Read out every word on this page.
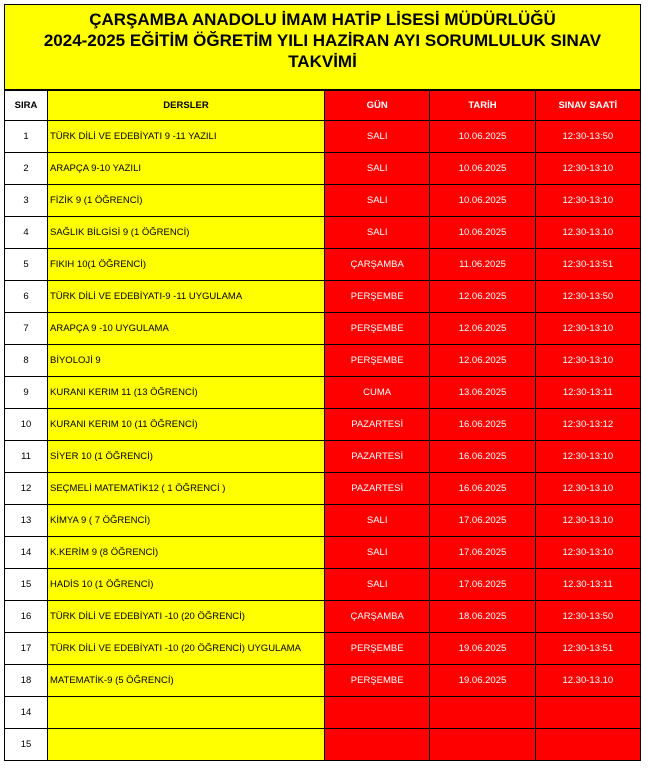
ÇARŞAMBA ANADOLU İMAM HATİP LİSESİ MÜDÜRLÜĞÜ
2024-2025 EĞİTİM ÖĞRETİM YILI HAZİRAN AYI SORUMLULUK SINAV
TAKVİMİ
SIRA	DERSLER	GÜN	TARİH	SINAV SAATİ
1	TÜRK DİLİ VE EDEBİYATI 9 -11 YAZILI	SALI	10.06.2025	12:30-13:50
2	ARAPÇA 9-10 YAZILI	SALI	10.06.2025	12:30-13:10
3	FİZİK 9 (1 ÖĞRENCİ)	SALI	10.06.2025	12:30-13:10
4	SAĞLIK BİLGİSİ 9 (1 ÖĞRENCİ)	SALI	10.06.2025	12.30-13.10
5	FIKIH 10(1 ÖĞRENCİ)	ÇARŞAMBA	11.06.2025	12:30-13:51
6	TÜRK DİLİ VE EDEBİYATI-9 -11 UYGULAMA	PERŞEMBE	12.06.2025	12:30-13:50
7	ARAPÇA 9 -10 UYGULAMA	PERŞEMBE	12.06.2025	12:30-13:10
8	BİYOLOJİ 9	PERŞEMBE	12.06.2025	12:30-13:10
9	KURANI KERIM 11 (13 ÖĞRENCİ)	CUMA	13.06.2025	12:30-13:11
10	KURANI KERIM 10 (11 ÖĞRENCİ)	PAZARTESİ	16.06.2025	12:30-13:12
11	SİYER 10 (1 ÖĞRENCİ)	PAZARTESİ	16.06.2025	12:30-13:10
12	SEÇMELİ MATEMATİK12 ( 1 ÖĞRENCİ )	PAZARTESİ	16.06.2025	12.30-13.10
13	KİMYA 9 ( 7 ÖĞRENCİ)	SALI	17.06.2025	12.30-13.10
14	K.KERİM 9 (8 ÖĞRENCİ)	SALI	17.06.2025	12:30-13:10
15	HADİS 10 (1 ÖĞRENCİ)	SALI	17.06.2025	12.30-13:11
16	TÜRK DİLİ VE EDEBİYATI -10 (20 ÖĞRENCİ)	ÇARŞAMBA	18.06.2025	12:30-13:50
17	TÜRK DİLİ VE EDEBİYATI -10 (20 ÖĞRENCİ) UYGULAMA	PERŞEMBE	19.06.2025	12:30-13:51
18	MATEMATİK-9 (5 ÖĞRENCİ)	PERŞEMBE	19.06.2025	12.30-13.10
14	

15	
